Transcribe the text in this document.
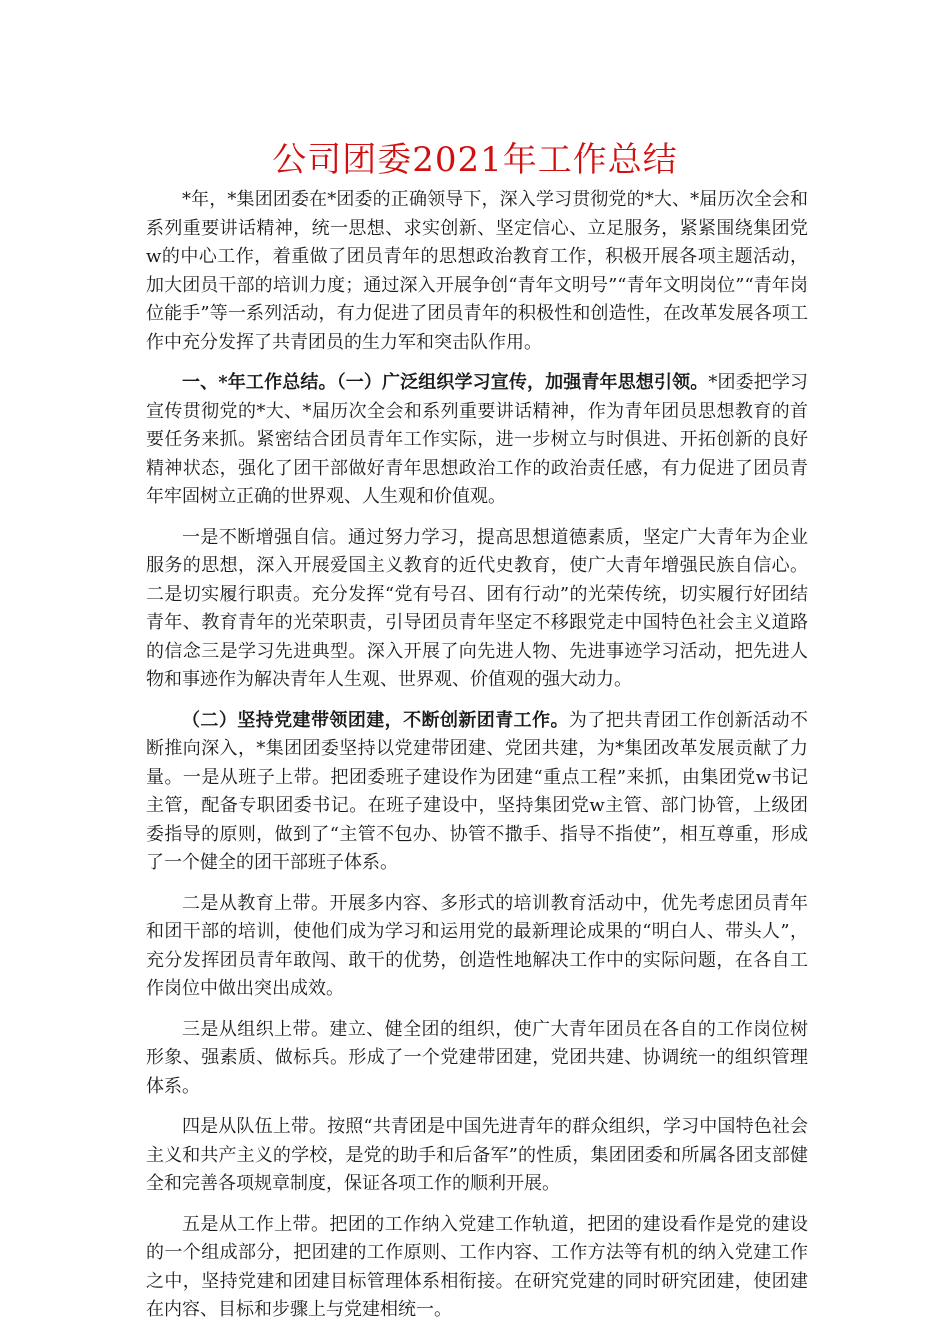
公司团委2021年工作总结

*年，*集团团委在*团委的正确领导下，深入学习贯彻党的*大、*届历次全会和系列重要讲话精神，统一思想、求实创新、坚定信心、立足服务，紧紧围绕集团党w的中心工作，着重做了团员青年的思想政治教育工作，积极开展各项主题活动，加大团员干部的培训力度；通过深入开展争创“青年文明号”“青年文明岗位”“青年岗位能手”等一系列活动，有力促进了团员青年的积极性和创造性，在改革发展各项工作中充分发挥了共青团员的生力军和突击队作用。

一、*年工作总结。（一）广泛组织学习宣传，加强青年思想引领。*团委把学习宣传贯彻党的*大、*届历次全会和系列重要讲话精神，作为青年团员思想教育的首要任务来抓。紧密结合团员青年工作实际，进一步树立与时俱进、开拓创新的良好精神状态，强化了团干部做好青年思想政治工作的政治责任感，有力促进了团员青年牢固树立正确的世界观、人生观和价值观。

一是不断增强自信。通过努力学习，提高思想道德素质，坚定广大青年为企业服务的思想，深入开展爱国主义教育的近代史教育，使广大青年增强民族自信心。二是切实履行职责。充分发挥“党有号召、团有行动”的光荣传统，切实履行好团结青年、教育青年的光荣职责，引导团员青年坚定不移跟党走中国特色社会主义道路的信念三是学习先进典型。深入开展了向先进人物、先进事迹学习活动，把先进人物和事迹作为解决青年人生观、世界观、价值观的强大动力。

（二）坚持党建带领团建，不断创新团青工作。为了把共青团工作创新活动不断推向深入，*集团团委坚持以党建带团建、党团共建，为*集团改革发展贡献了力量。一是从班子上带。把团委班子建设作为团建“重点工程”来抓，由集团党w书记主管，配备专职团委书记。在班子建设中，坚持集团党w主管、部门协管，上级团委指导的原则，做到了“主管不包办、协管不撒手、指导不指使”，相互尊重，形成了一个健全的团干部班子体系。

二是从教育上带。开展多内容、多形式的培训教育活动中，优先考虑团员青年和团干部的培训，使他们成为学习和运用党的最新理论成果的“明白人、带头人”，充分发挥团员青年敢闯、敢干的优势，创造性地解决工作中的实际问题，在各自工作岗位中做出突出成效。

三是从组织上带。建立、健全团的组织，使广大青年团员在各自的工作岗位树形象、强素质、做标兵。形成了一个党建带团建，党团共建、协调统一的组织管理体系。

四是从队伍上带。按照“共青团是中国先进青年的群众组织，学习中国特色社会主义和共产主义的学校，是党的助手和后备军”的性质，集团团委和所属各团支部健全和完善各项规章制度，保证各项工作的顺利开展。

五是从工作上带。把团的工作纳入党建工作轨道，把团的建设看作是党的建设的一个组成部分，把团建的工作原则、工作内容、工作方法等有机的纳入党建工作之中，坚持党建和团建目标管理体系相衔接。在研究党建的同时研究团建，使团建在内容、目标和步骤上与党建相统一。
